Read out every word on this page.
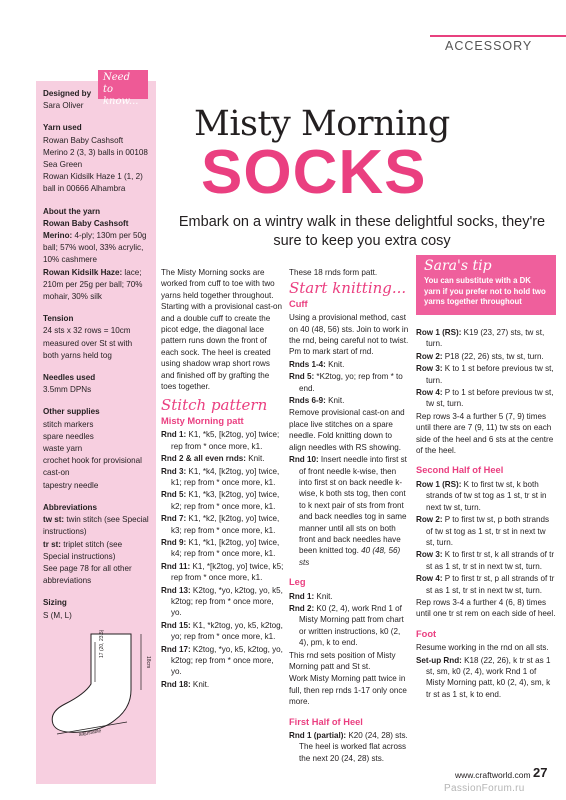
ACCESSORY
Designed by
Sara Oliver
Yarn used
Rowan Baby Cashsoft Merino 2 (3, 3) balls in 00108 Sea Green
Rowan Kidsilk Haze 1 (1, 2) ball in 00666 Alhambra
About the yarn
Rowan Baby Cashsoft Merino: 4-ply; 130m per 50g ball; 57% wool, 33% acrylic, 10% cashmere
Rowan Kidsilk Haze: lace; 210m per 25g per ball; 70% mohair, 30% silk
Tension
24 sts x 32 rows = 10cm measured over St st with both yarns held tog
Needles used
3.5mm DPNs
Other supplies
stitch markers
spare needles
waste yarn
crochet hook for provisional cast-on
tapestry needle
Abbreviations
tw st: twin stitch (see Special instructions)
tr st: triplet stitch (see Special instructions)
See page 78 for all other abbreviations
Sizing
S (M, L)
17 (20, 23.5) cm
18cm
adjustable
Need to
know...
Misty Morning
SOCKS
Embark on a wintry walk in these delightful socks, they're sure to keep you extra cosy
The Misty Morning socks are worked from cuff to toe with two yarns held together throughout. Starting with a provisional cast-on and a double cuff to create the picot edge, the diagonal lace pattern runs down the front of each sock. The heel is created using shadow wrap short rows and finished off by grafting the toes together.
Stitch pattern
Misty Morning patt
Rnd 1: K1, *k5, [k2tog, yo] twice; rep from * once more, k1.
Rnd 2 & all even rnds: Knit.
Rnd 3: K1, *k4, [k2tog, yo] twice, k1; rep from * once more, k1.
Rnd 5: K1, *k3, [k2tog, yo] twice, k2; rep from * once more, k1.
Rnd 7: K1, *k2, [k2tog, yo] twice, k3; rep from * once more, k1.
Rnd 9: K1, *k1, [k2tog, yo] twice, k4; rep from * once more, k1.
Rnd 11: K1, *[k2tog, yo] twice, k5; rep from * once more, k1.
Rnd 13: K2tog, *yo, k2tog, yo, k5, k2tog; rep from * once more, yo.
Rnd 15: K1, *k2tog, yo, k5, k2tog, yo; rep from * once more, k1.
Rnd 17: K2tog, *yo, k5, k2tog, yo, k2tog; rep from * once more, yo.
Rnd 18: Knit.
These 18 rnds form patt.
Start knitting...
Cuff
Using a provisional method, cast on 40 (48, 56) sts. Join to work in the rnd, being careful not to twist. Pm to mark start of rnd.
Rnds 1-4: Knit.
Rnd 5: *K2tog, yo; rep from * to end.
Rnds 6-9: Knit.
Remove provisional cast-on and place live stitches on a spare needle. Fold knitting down to align needles with RS showing.
Rnd 10: Insert needle into first st of front needle k-wise, then into first st on back needle k-wise, k both sts tog, then cont to k next pair of sts from front and back needles tog in same manner until all sts on both front and back needles have been knitted tog. 40 (48, 56) sts
Leg
Rnd 1: Knit.
Rnd 2: K0 (2, 4), work Rnd 1 of Misty Morning patt from chart or written instructions, k0 (2, 4), pm, k to end.
This rnd sets position of Misty Morning patt and St st.
Work Misty Morning patt twice in full, then rep rnds 1-17 only once more.
First Half of Heel
Rnd 1 (partial): K20 (24, 28) sts. The heel is worked flat across the next 20 (24, 28) sts.
Sara's tip
You can substitute with a DK yarn if you prefer not to hold two yarns together throughout
Row 1 (RS): K19 (23, 27) sts, tw st, turn.
Row 2: P18 (22, 26) sts, tw st, turn.
Row 3: K to 1 st before previous tw st, turn.
Row 4: P to 1 st before previous tw st, tw st, turn.
Rep rows 3-4 a further 5 (7, 9) times until there are 7 (9, 11) tw sts on each side of the heel and 6 sts at the centre of the heel.
Second Half of Heel
Row 1 (RS): K to first tw st, k both strands of tw st tog as 1 st, tr st in next tw st, turn.
Row 2: P to first tw st, p both strands of tw st tog as 1 st, tr st in next tw st, turn.
Row 3: K to first tr st, k all strands of tr st as 1 st, tr st in next tw st, turn.
Row 4: P to first tr st, p all strands of tr st as 1 st, tr st in next tw st, turn.
Rep rows 3-4 a further 4 (6, 8) times until one tr st rem on each side of heel.
Foot
Resume working in the rnd on all sts.
Set-up Rnd: K18 (22, 26), k tr st as 1 st, sm, k0 (2, 4), work Rnd 1 of Misty Morning patt, k0 (2, 4), sm, k tr st as 1 st, k to end.
www.craftworld.com 27
PassionForum.ru
